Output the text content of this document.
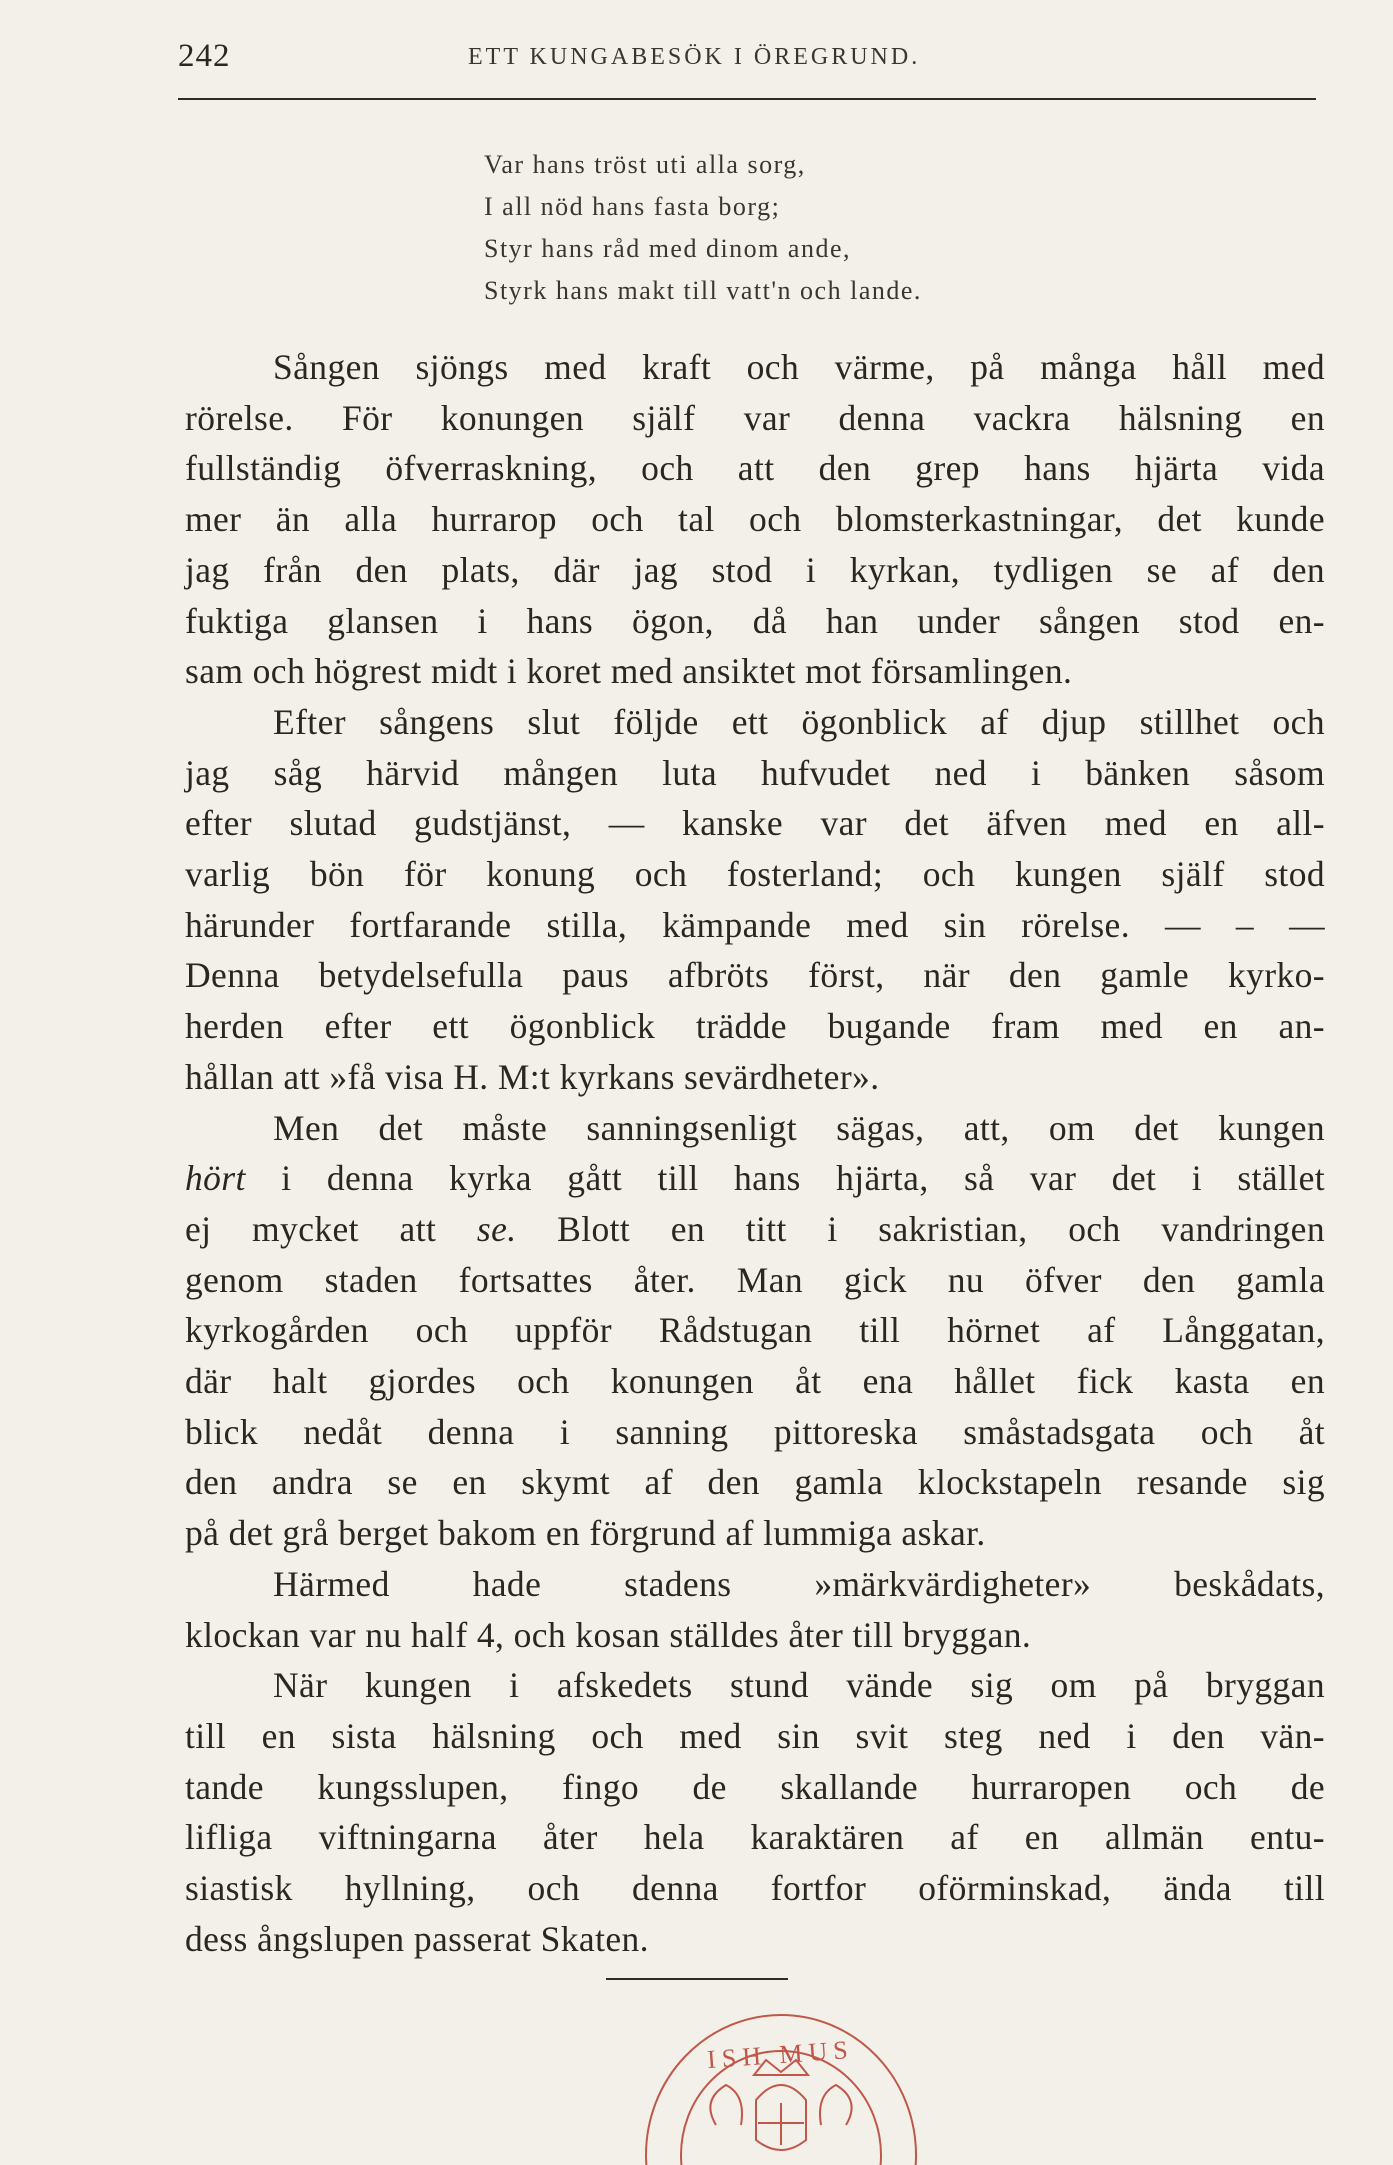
242	ETT KUNGABESÖK I ÖREGRUND.
Var hans tröst uti alla sorg,
I all nöd hans fasta borg;
Styr hans råd med dinom ande,
Styrk hans makt till vatt'n och lande.
Sången sjöngs med kraft och värme, på många håll med
rörelse. För konungen själf var denna vackra hälsning en
fullständig öfverraskning, och att den grep hans hjärta vida
mer än alla hurrarop och tal och blomsterkastningar, det kunde
jag från den plats, där jag stod i kyrkan, tydligen se af den
fuktiga glansen i hans ögon, då han under sången stod en-
sam och högrest midt i koret med ansiktet mot församlingen.
Efter sångens slut följde ett ögonblick af djup stillhet och
jag såg härvid mången luta hufvudet ned i bänken såsom
efter slutad gudstjänst, — kanske var det äfven med en all-
varlig bön för konung och fosterland; och kungen själf stod
härunder fortfarande stilla, kämpande med sin rörelse. — – —
Denna betydelsefulla paus afbröts först, när den gamle kyrko-
herden efter ett ögonblick trädde bugande fram med en an-
hållan att »få visa H. M:t kyrkans sevärdheter».
Men det måste sanningsenligt sägas, att, om det kungen
hört i denna kyrka gått till hans hjärta, så var det i stället
ej mycket att se. Blott en titt i sakristian, och vandringen
genom staden fortsattes åter. Man gick nu öfver den gamla
kyrkogården och uppför Rådstugan till hörnet af Långgatan,
där halt gjordes och konungen åt ena hållet fick kasta en
blick nedåt denna i sanning pittoreska småstadsgata och åt
den andra se en skymt af den gamla klockstapeln resande sig
på det grå berget bakom en förgrund af lummiga askar.
Härmed hade stadens »märkvärdigheter» beskådats,
klockan var nu half 4, och kosan ställdes åter till bryggan.
När kungen i afskedets stund vände sig om på bryggan
till en sista hälsning och med sin svit steg ned i den vän-
tande kungsslupen, fingo de skallande hurraropen och de
lifliga viftningarna åter hela karaktären af en allmän entu-
siastisk hyllning, och denna fortfor oförminskad, ända till
dess ångslupen passerat Skaten.
ISH MUS
